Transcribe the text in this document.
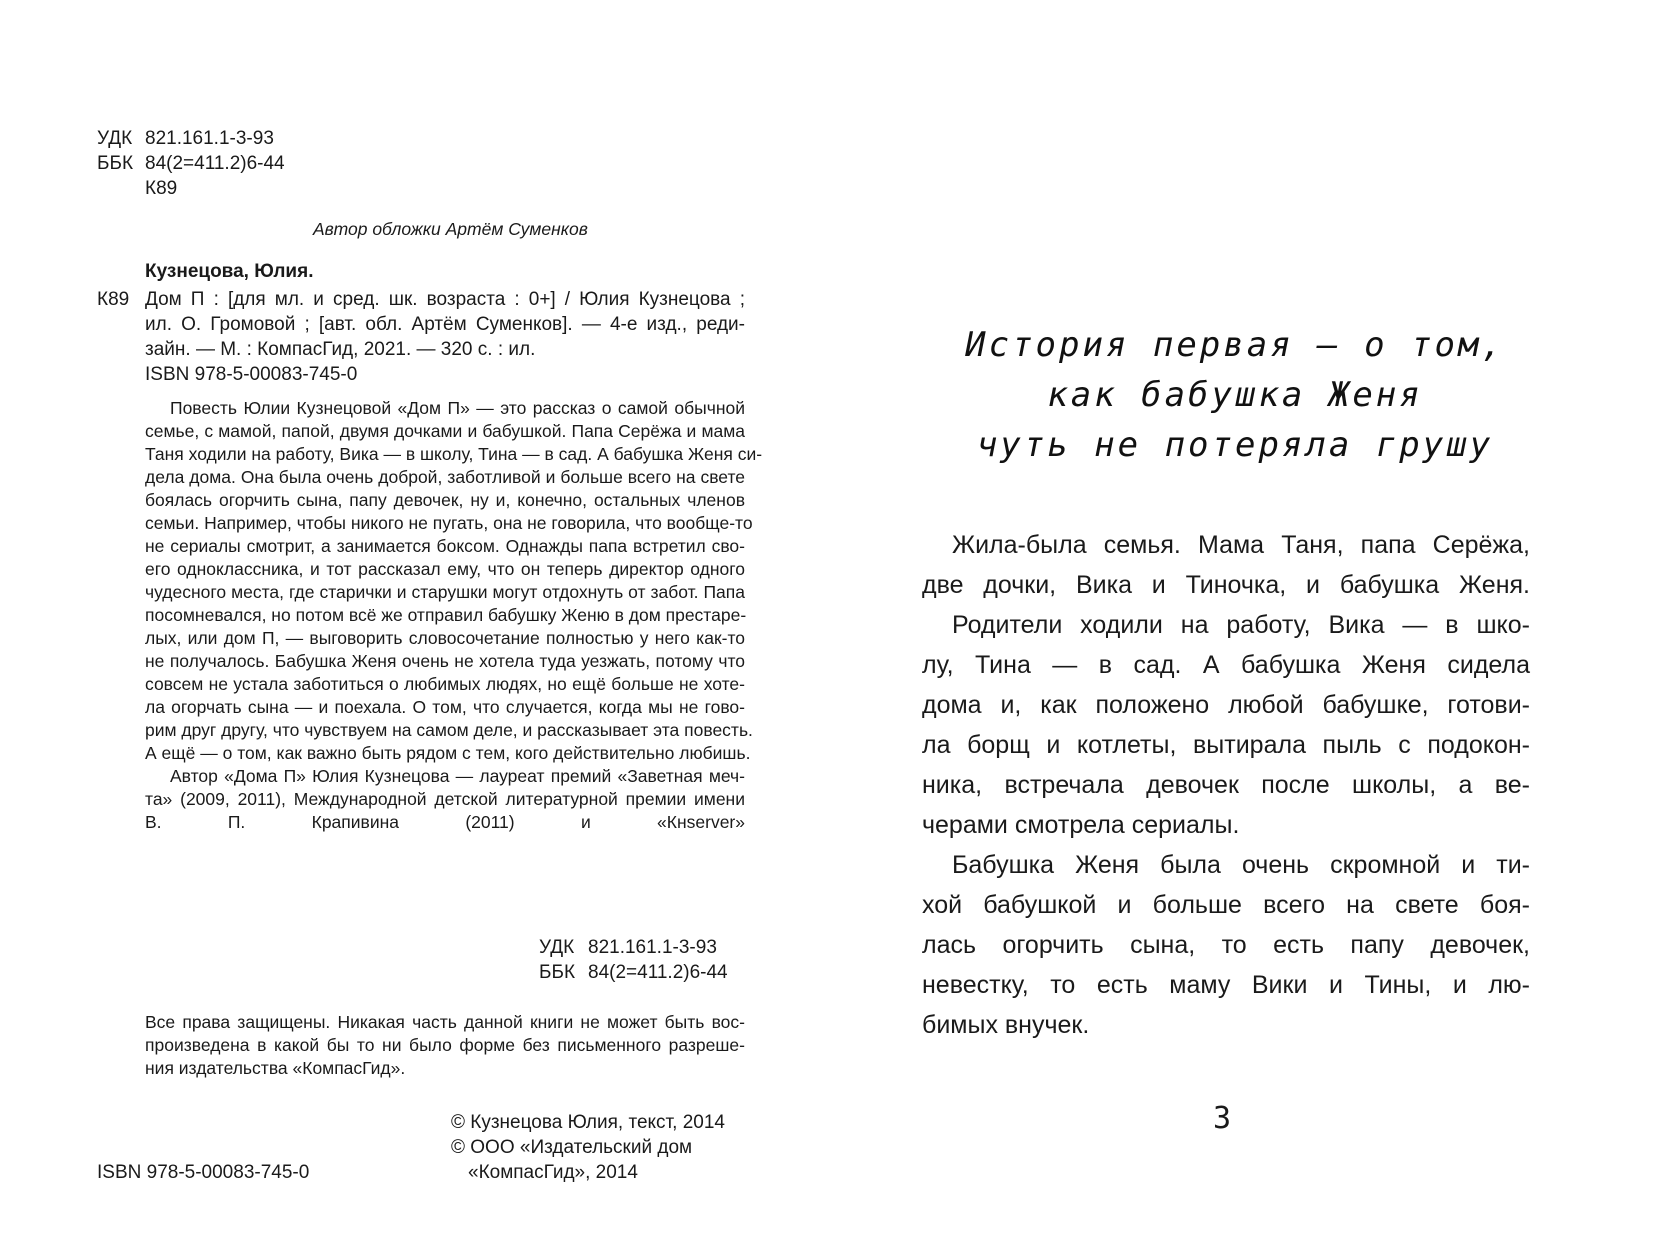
УДК 821.161.1-3-93
ББК 84(2=411.2)6-44
К89
Автор обложки Артём Суменков
Кузнецова, Юлия.
К89 Дом П : [для мл. и сред. шк. возраста : 0+] / Юлия Кузнецова ;
ил. О. Громовой ; [авт. обл. Артём Суменков]. — 4-е изд., реди-
зайн. — М. : КомпасГид, 2021. — 320 с. : ил.
ISBN 978-5-00083-745-0
Повесть Юлии Кузнецовой «Дом П» — это рассказ о самой обычной
семье, с мамой, папой, двумя дочками и бабушкой. Папа Серёжа и мама
Таня ходили на работу, Вика — в школу, Тина — в сад. А бабушка Женя си-
дела дома. Она была очень доброй, заботливой и больше всего на свете
боялась огорчить сына, папу девочек, ну и, конечно, остальных членов
семьи. Например, чтобы никого не пугать, она не говорила, что вообще-то
не сериалы смотрит, а занимается боксом. Однажды папа встретил сво-
его одноклассника, и тот рассказал ему, что он теперь директор одного
чудесного места, где старички и старушки могут отдохнуть от забот. Папа
посомневался, но потом всё же отправил бабушку Женю в дом престаре-
лых, или дом П, — выговорить словосочетание полностью у него как-то
не получалось. Бабушка Женя очень не хотела туда уезжать, потому что
совсем не устала заботиться о любимых людях, но ещё больше не хоте-
ла огорчать сына — и поехала. О том, что случается, когда мы не гово-
рим друг другу, что чувствуем на самом деле, и рассказывает эта повесть.
А ещё — о том, как важно быть рядом с тем, кого действительно любишь.
Автор «Дома П» Юлия Кузнецова — лауреат премий «Заветная меч-
та» (2009, 2011), Международной детской литературной премии имени
В. П. Крапивина (2011) и «Кнserver»
УДК 821.161.1-3-93
ББК 84(2=411.2)6-44
Все права защищены. Никакая часть данной книги не может быть вос-
произведена в какой бы то ни было форме без письменного разреше-
ния издательства «КомпасГид».
© Кузнецова Юлия, текст, 2014
© ООО «Издательский дом
«КомпасГид», 2014
ISBN 978-5-00083-745-0
История первая — о том,
как бабушка Женя
чуть не потеряла грушу
Жила-была семья. Мама Таня, папа Серёжа,
две дочки, Вика и Тиночка, и бабушка Женя.
Родители ходили на работу, Вика — в шко-
лу, Тина — в сад. А бабушка Женя сидела
дома и, как положено любой бабушке, готови-
ла борщ и котлеты, вытирала пыль с подокон-
ника, встречала девочек после школы, а ве-
черами смотрела сериалы.
Бабушка Женя была очень скромной и ти-
хой бабушкой и больше всего на свете боя-
лась огорчить сына, то есть папу девочек,
невестку, то есть маму Вики и Тины, и лю-
бимых внучек.
3
